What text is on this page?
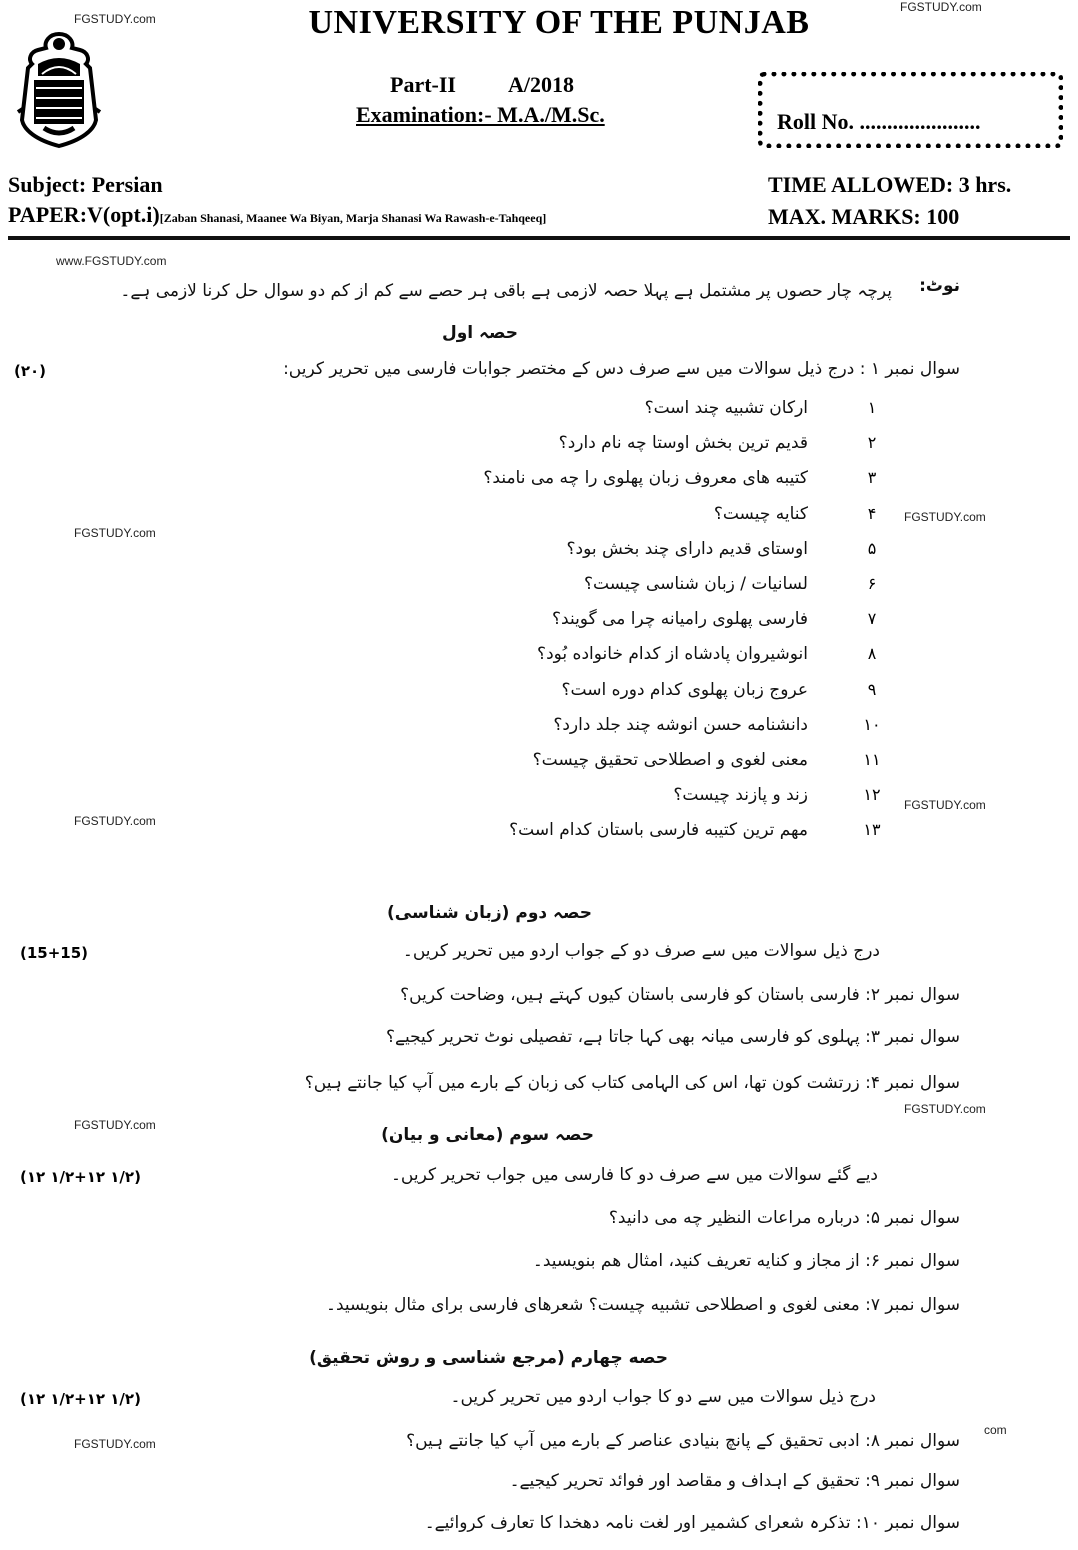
FGSTUDY.com
FGSTUDY.com
www.FGSTUDY.com
FGSTUDY.com
FGSTUDY.com
FGSTUDY.com
FGSTUDY.com
FGSTUDY.com
FGSTUDY.com
FGSTUDY.com
com
UNIVERSITY OF THE PUNJAB
Part-II A/2018
Examination:- M.A./M.Sc.	Roll No. ......................
Subject: Persian
PAPER:V(opt.i)[Zaban Shanasi, Maanee Wa Biyan, Marja Shanasi Wa Rawash-e-Tahqeeq]
TIME ALLOWED: 3 hrs.
MAX. MARKS: 100
نوٹ:
پرچہ چار حصوں پر مشتمل ہے پہلا حصہ لازمی ہے باقی ہر حصے سے کم از کم دو سوال حل کرنا لازمی ہے۔
حصہ اول
سوال نمبر ۱ : درج ذیل سوالات میں سے صرف دس کے مختصر جوابات فارسی میں تحریر کریں:
(۲۰)
۱
ارکان تشبیه چند است؟
۲
قدیم ترین بخش اوستا چه نام دارد؟
۳
کتیبه های معروف زبان پهلوی را چه می نامند؟
۴
کنایه چیست؟
۵
اوستای قدیم دارای چند بخش بود؟
۶
لسانیات / زبان شناسی چیست؟
۷
فارسی پهلوی رامیانه چرا می گویند؟
۸
انوشیروان پادشاه از کدام خانواده بُود؟
۹
عروج زبان پهلوی کدام دوره است؟
۱۰
دانشنامه حسن انوشه چند جلد دارد؟
۱۱
معنی لغوی و اصطلاحی تحقیق چیست؟
۱۲
زند و پازند چیست؟
۱۳
مهم ترین کتیبه فارسی باستان کدام است؟
حصہ دوم (زبان شناسی)
درج ذیل سوالات میں سے صرف دو کے جواب اردو میں تحریر کریں۔
(15+15)
سوال نمبر ۲: فارسی باستان کو فارسی باستان کیوں کہتے ہیں، وضاحت کریں؟
سوال نمبر ۳: پہلوی کو فارسی میانہ بھی کہا جاتا ہے، تفصیلی نوٹ تحریر کیجیے؟
سوال نمبر ۴: زرتشت کون تھا، اس کی الہامی کتاب کی زبان کے بارے میں آپ کیا جانتے ہیں؟
حصہ سوم (معانی و بیان)
دیے گئے سوالات میں سے صرف دو کا فارسی میں جواب تحریر کریں۔
(۱۲ ۱/۲+۱۲ ۱/۲)
سوال نمبر ۵: درباره مراعات النظیر چه می دانید؟
سوال نمبر ۶: از مجاز و کنایه تعریف کنید، امثال هم بنویسید۔
سوال نمبر ۷: معنی لغوی و اصطلاحی تشبیه چیست؟ شعرهای فارسی برای مثال بنویسید۔
حصه چهارم (مرجع شناسی و روش تحقیق)
درج ذیل سوالات میں سے دو کا جواب اردو میں تحریر کریں۔
(۱۲ ۱/۲+۱۲ ۱/۲)
سوال نمبر ۸: ادبی تحقیق کے پانچ بنیادی عناصر کے بارے میں آپ کیا جانتے ہیں؟
سوال نمبر ۹: تحقیق کے اہداف و مقاصد اور فوائد تحریر کیجیے۔
سوال نمبر ۱۰: تذکرہ شعرای کشمیر اور لغت نامہ دھخدا کا تعارف کروائیے۔
